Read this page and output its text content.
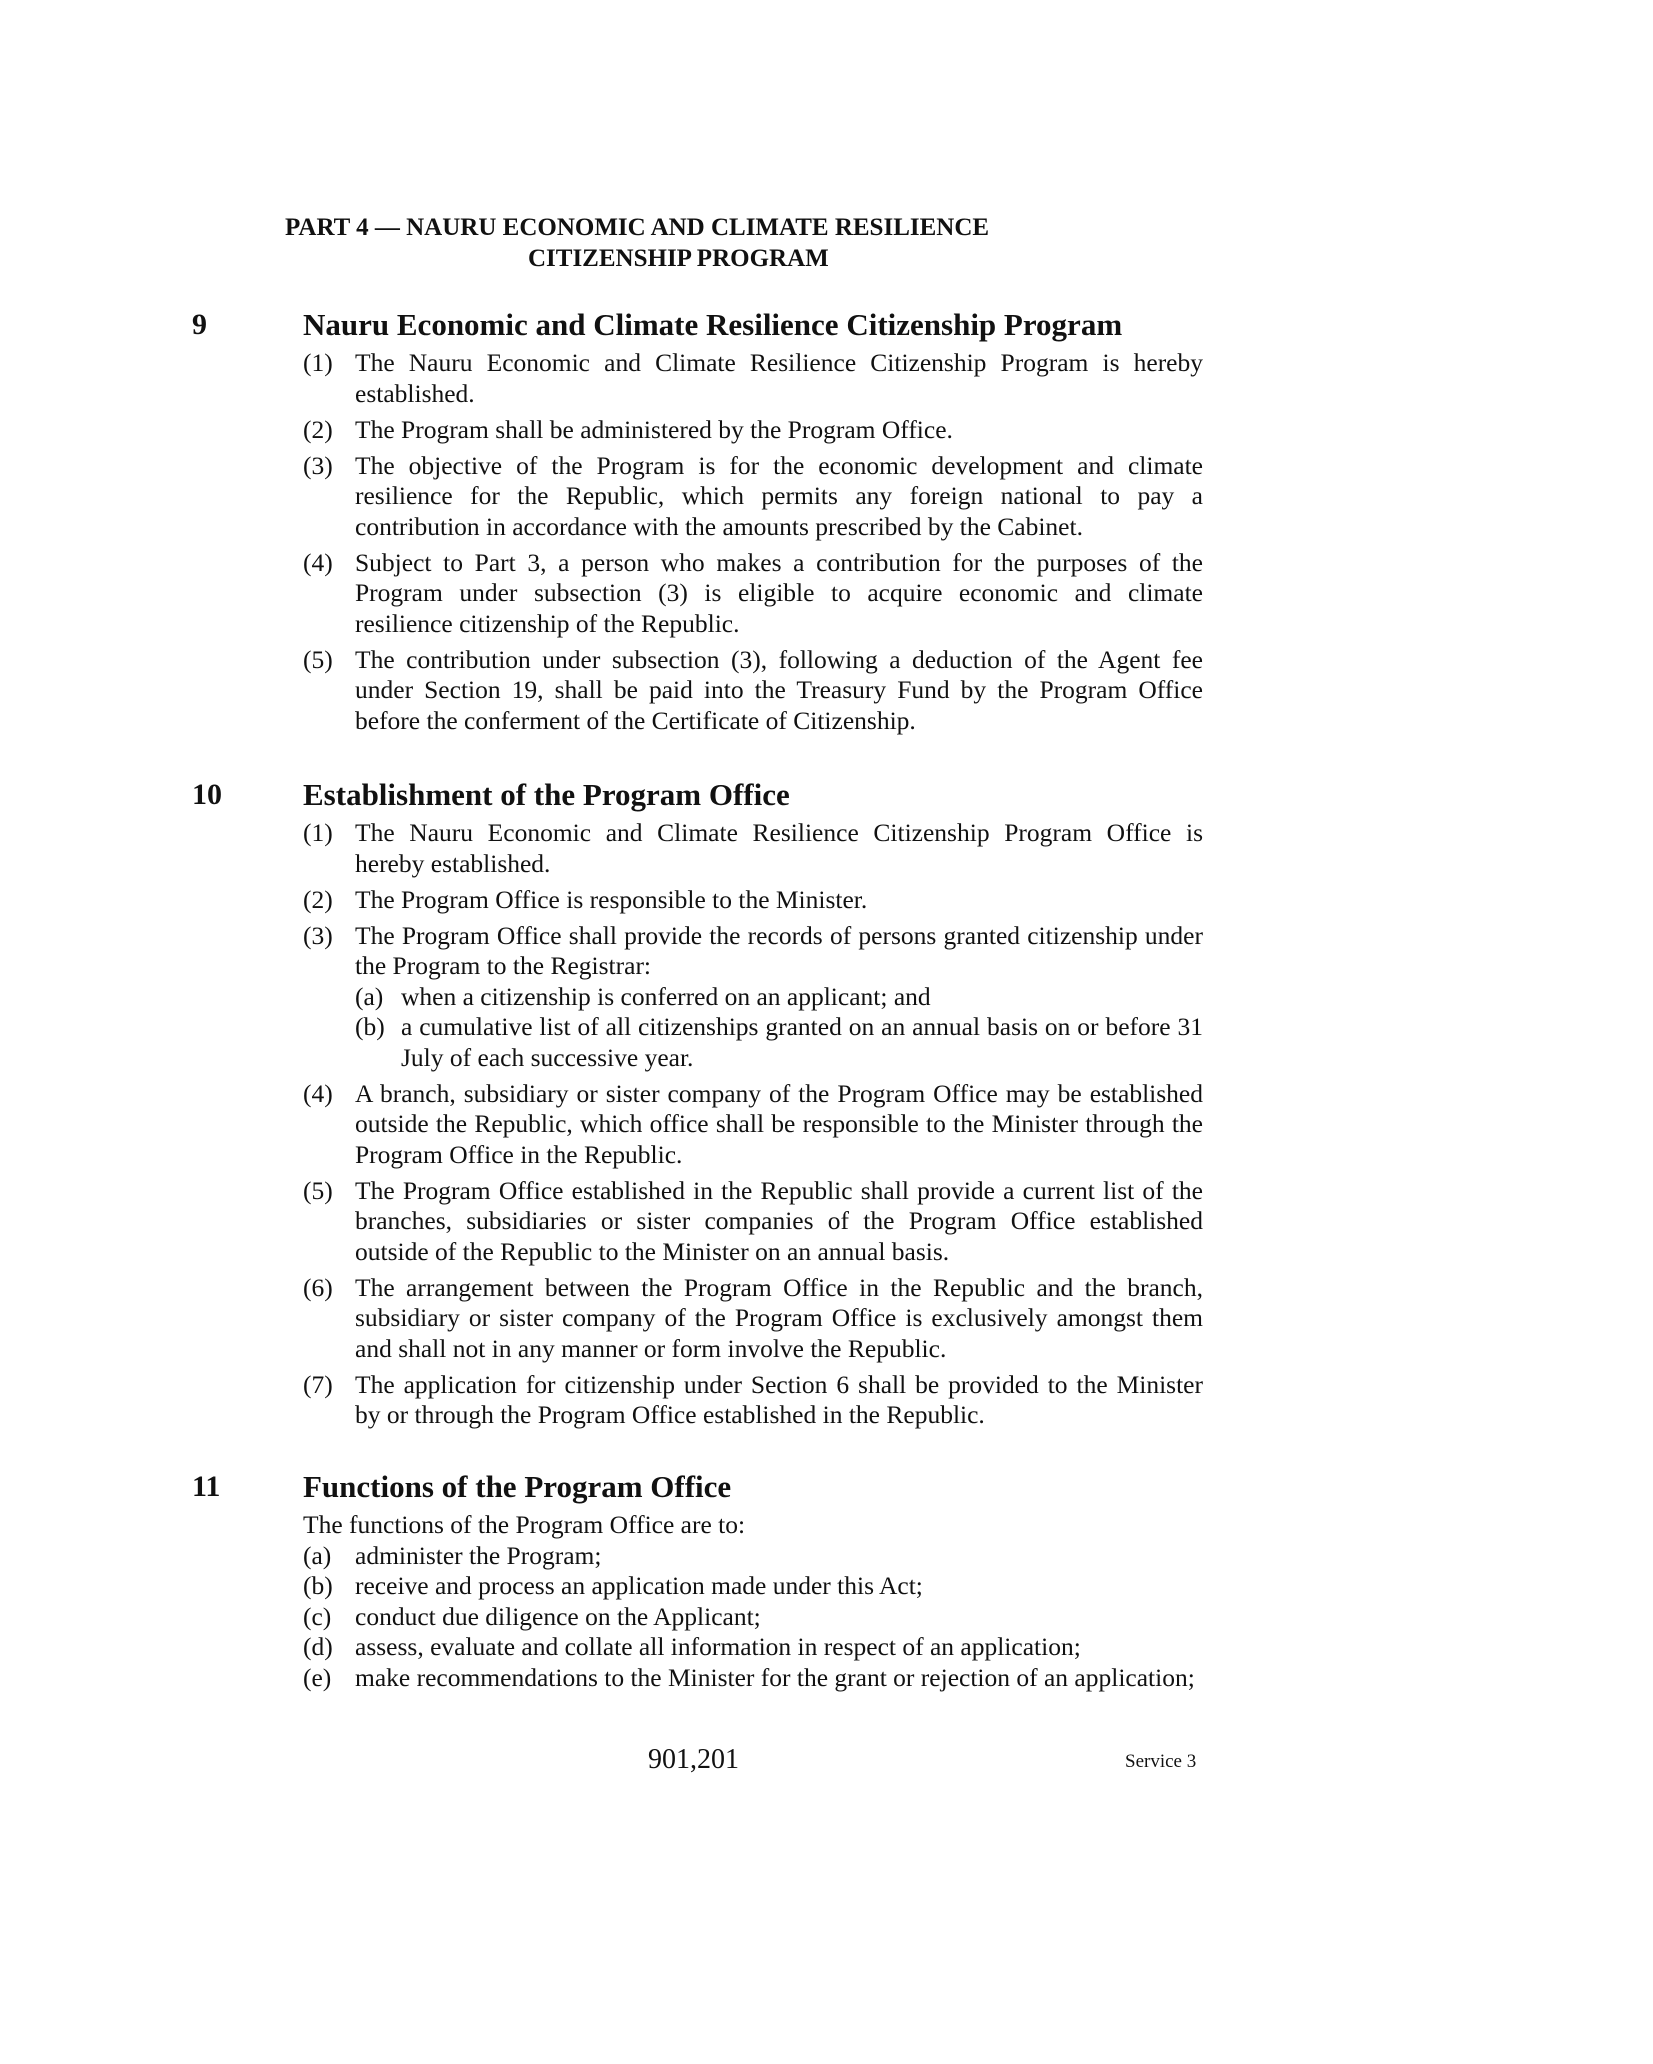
PART 4 — NAURU ECONOMIC AND CLIMATE RESILIENCE
CITIZENSHIP PROGRAM
9	Nauru Economic and Climate Resilience Citizenship Program
(1) The Nauru Economic and Climate Resilience Citizenship Program is hereby established.
(2) The Program shall be administered by the Program Office.
(3) The objective of the Program is for the economic development and climate resilience for the Republic, which permits any foreign national to pay a contribution in accordance with the amounts prescribed by the Cabinet.
(4) Subject to Part 3, a person who makes a contribution for the purposes of the Program under subsection (3) is eligible to acquire economic and climate resilience citizenship of the Republic.
(5) The contribution under subsection (3), following a deduction of the Agent fee under Section 19, shall be paid into the Treasury Fund by the Program Office before the conferment of the Certificate of Citizenship.
10	Establishment of the Program Office
(1) The Nauru Economic and Climate Resilience Citizenship Program Office is hereby established.
(2) The Program Office is responsible to the Minister.
(3) The Program Office shall provide the records of persons granted citizenship under the Program to the Registrar:
(a) when a citizenship is conferred on an applicant; and
(b) a cumulative list of all citizenships granted on an annual basis on or before 31 July of each successive year.
(4) A branch, subsidiary or sister company of the Program Office may be established outside the Republic, which office shall be responsible to the Minister through the Program Office in the Republic.
(5) The Program Office established in the Republic shall provide a current list of the branches, subsidiaries or sister companies of the Program Office established outside of the Republic to the Minister on an annual basis.
(6) The arrangement between the Program Office in the Republic and the branch, subsidiary or sister company of the Program Office is exclusively amongst them and shall not in any manner or form involve the Republic.
(7) The application for citizenship under Section 6 shall be provided to the Minister by or through the Program Office established in the Republic.
11	Functions of the Program Office
The functions of the Program Office are to:
(a) administer the Program;
(b) receive and process an application made under this Act;
(c) conduct due diligence on the Applicant;
(d) assess, evaluate and collate all information in respect of an application;
(e) make recommendations to the Minister for the grant or rejection of an application;
901,201	Service 3
